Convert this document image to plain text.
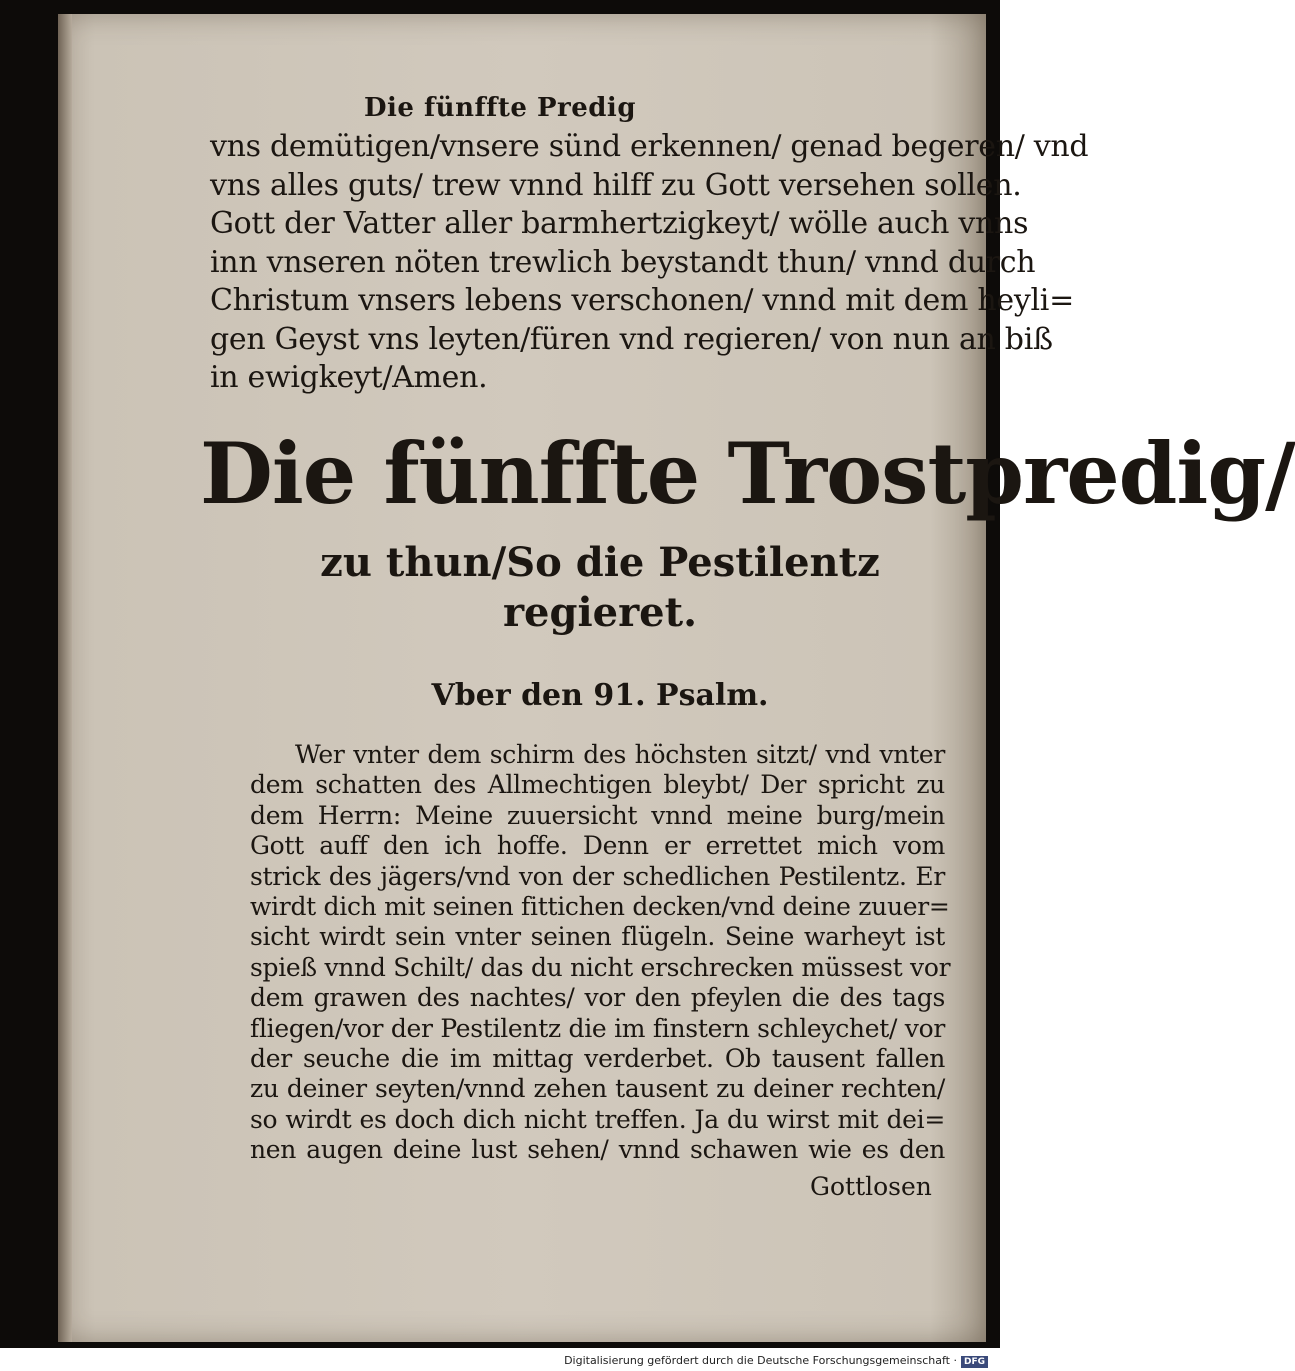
Die fünffte Predig
vns demütigen/vnsere sünd erkennen/ genad begeren/ vnd
vns alles guts/ trew vnnd hilff zu Gott versehen sollen.
Gott der Vatter aller barmhertzigkeyt/ wölle auch vnns
inn vnseren nöten trewlich beystandt thun/ vnnd durch
Christum vnsers lebens verschonen/ vnnd mit dem heyli=
gen Geyst vns leyten/füren vnd regieren/ von nun an biß
in ewigkeyt/Amen.
Die fünffte Trostpredig/
zu thun/So die Pestilentz
regieret.
Vber den 91. Psalm.
Wer vnter dem schirm des höchsten sitzt/ vnd vnter
dem schatten des Allmechtigen bleybt/ Der spricht zu
dem Herrn: Meine zuuersicht vnnd meine burg/mein
Gott auff den ich hoffe. Denn er errettet mich vom
strick des jägers/vnd von der schedlichen Pestilentz. Er
wirdt dich mit seinen fittichen decken/vnd deine zuuer=
sicht wirdt sein vnter seinen flügeln. Seine warheyt ist
spieß vnnd Schilt/ das du nicht erschrecken müssest vor
dem grawen des nachtes/ vor den pfeylen die des tags
fliegen/vor der Pestilentz die im finstern schleychet/ vor
der seuche die im mittag verderbet. Ob tausent fallen
zu deiner seyten/vnnd zehen tausent zu deiner rechten/
so wirdt es doch dich nicht treffen. Ja du wirst mit dei=
nen augen deine lust sehen/ vnnd schawen wie es den
Gottlosen
Digitalisierung gefördert durch die Deutsche Forschungsgemeinschaft · DFG
